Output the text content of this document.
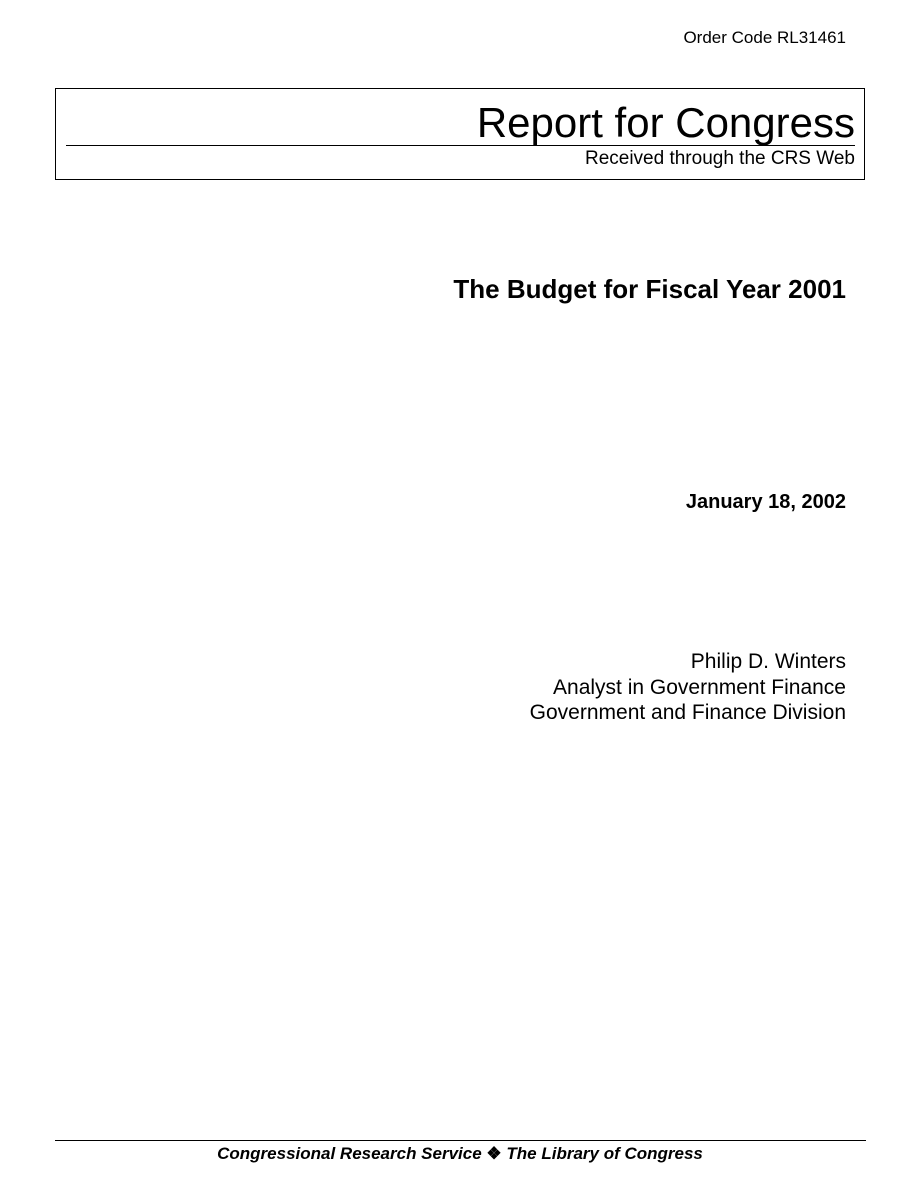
Order Code RL31461
Report for Congress
Received through the CRS Web
The Budget for Fiscal Year 2001
January 18, 2002
Philip D. Winters
Analyst in Government Finance
Government and Finance Division
Congressional Research Service ❖ The Library of Congress
